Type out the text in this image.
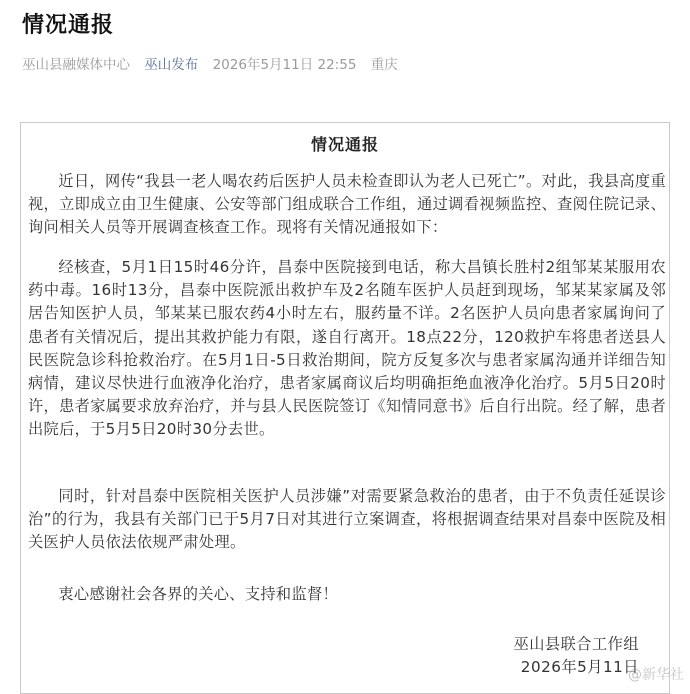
情况通报
巫山县融媒体中心 巫山发布 2026年5月11日 22:55 重庆
情况通报

近日，网传“我县一老人喝农药后医护人员未检查即认为老人已死亡”。对此，我县高度重视，立即成立由卫生健康、公安等部门组成联合工作组，通过调看视频监控、查阅住院记录、询问相关人员等开展调查核查工作。现将有关情况通报如下：

经核查，5月1日15时46分许，昌泰中医院接到电话，称大昌镇长胜村2组邹某某服用农药中毒。16时13分，昌泰中医院派出救护车及2名随车医护人员赶到现场，邹某某家属及邻居告知医护人员，邹某某已服农药4小时左右，服药量不详。2名医护人员向患者家属询问了患者有关情况后，提出其救护能力有限，遂自行离开。18点22分，120救护车将患者送县人民医院急诊科抢救治疗。在5月1日-5日救治期间，院方反复多次与患者家属沟通并详细告知病情，建议尽快进行血液净化治疗，患者家属商议后均明确拒绝血液净化治疗。5月5日20时许，患者家属要求放弃治疗，并与县人民医院签订《知情同意书》后自行出院。经了解，患者出院后，于5月5日20时30分去世。

同时，针对昌泰中医院相关医护人员涉嫌”对需要紧急救治的患者，由于不负责任延误诊治”的行为，我县有关部门已于5月7日对其进行立案调查，将根据调查结果对昌泰中医院及相关医护人员依法依规严肃处理。

衷心感谢社会各界的关心、支持和监督！

巫山县联合工作组
2026年5月11日
@新华社
